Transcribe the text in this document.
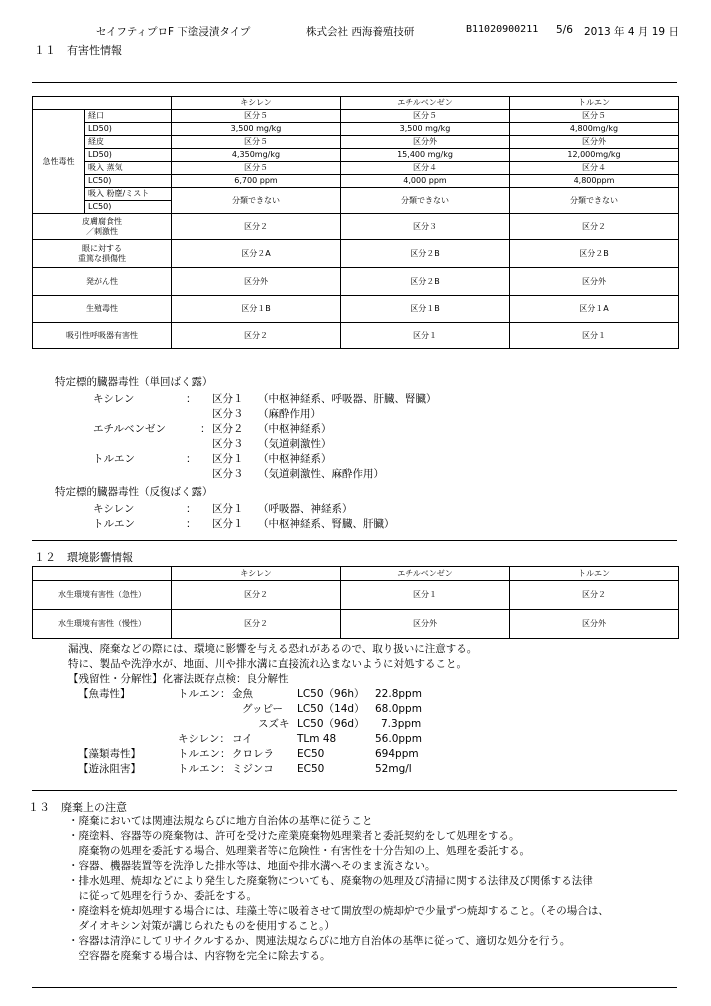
セイフティプロF 下塗浸漬タイプ	株式会社 西海養殖技研	B11020900211 5/6 2013 年 4 月 19 日
１１　有害性情報
		キシレン	エチルベンゼン	トルエン
急性毒性	経口	区分５	区分５	区分５
	LD50)	3,500 mg/kg	3,500 mg/kg	4,800mg/kg
	経皮	区分５	区分外	区分外
	LD50)	4,350mg/kg	15,400 mg/kg	12,000mg/kg
	吸入 蒸気	区分５	区分４	区分４
	LC50)	6,700 ppm	4,000 ppm	4,800ppm
	吸入 粉塵/ミスト	分類できない	分類できない	分類できない
	LC50)			
皮膚腐食性
／刺激性		区分２	区分３	区分２
眼に対する
重篤な損傷性		区分２A	区分２B	区分２B
発がん性		区分外	区分２B	区分外
生殖毒性		区分１B	区分１B	区分１A
吸引性呼吸器有害性		区分２	区分１	区分１
特定標的臓器毒性（単回ばく露）
キシレン	： 区分１ （中枢神経系、呼吸器、肝臓、腎臓）
区分３ （麻酔作用）
エチルベンゼン	： 区分２ （中枢神経系）
区分３ （気道刺激性）
トルエン	： 区分１ （中枢神経系）
区分３ （気道刺激性、麻酔作用）
特定標的臓器毒性（反復ばく露）
キシレン	： 区分１ （呼吸器、神経系）
トルエン	： 区分１ （中枢神経系、腎臓、肝臓）
１２　環境影響情報
	キシレン	エチルベンゼン	トルエン
水生環境有害性（急性）	区分２	区分１	区分２
水生環境有害性（慢性）	区分２	区分外	区分外
漏洩、廃棄などの際には、環境に影響を与える恐れがあるので、取り扱いに注意する。
特に、製品や洗浄水が、地面、川や排水溝に直接流れ込まないように対処すること。
【残留性・分解性】化審法既存点検：良分解性
【魚毒性】	トルエン： 金魚	LC50（96h） 22.8ppm
グッピー LC50（14d） 68.0ppm
スズキ LC50（96d） 7.3ppm
キシレン： コイ	TLm 48	56.0ppm
【藻類毒性】	トルエン： クロレラ EC50	694ppm
【遊泳阻害】	トルエン： ミジンコ EC50	52mg/l
１３　廃棄上の注意
・廃棄においては関連法規ならびに地方自治体の基準に従うこと
・廃塗料、容器等の廃棄物は、許可を受けた産業廃棄物処理業者と委託契約をして処理をする。
　廃棄物の処理を委託する場合、処理業者等に危険性・有害性を十分告知の上、処理を委託する。
・容器、機器装置等を洗浄した排水等は、地面や排水溝へそのまま流さない。
・排水処理、焼却などにより発生した廃棄物についても、廃棄物の処理及び清掃に関する法律及び関係する法律
　に従って処理を行うか、委託をする。
・廃塗料を焼却処理する場合には、珪藻土等に吸着させて開放型の焼却炉で少量ずつ焼却すること。（その場合は、
　ダイオキシン対策が講じられたものを使用すること。）
・容器は清浄にしてリサイクルするか、関連法規ならびに地方自治体の基準に従って、適切な処分を行う。
　空容器を廃棄する場合は、内容物を完全に除去する。
